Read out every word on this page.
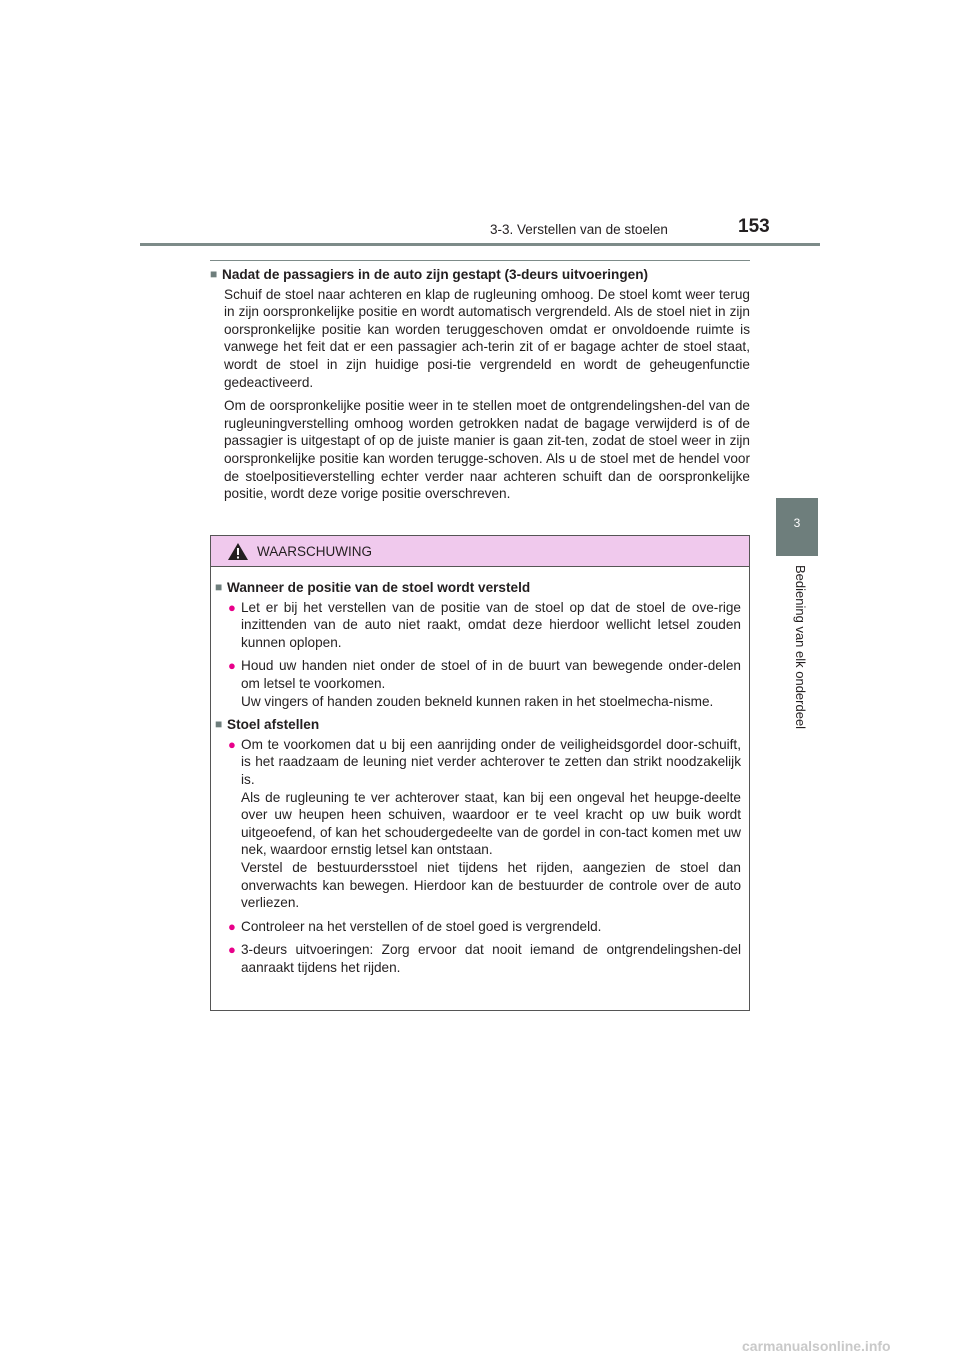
3-3. Verstellen van de stoelen	153
3
Bediening van elk onderdeel
■ Nadat de passagiers in de auto zijn gestapt (3-deurs uitvoeringen)
Schuif de stoel naar achteren en klap de rugleuning omhoog. De stoel komt weer terug in zijn oorspronkelijke positie en wordt automatisch vergrendeld. Als de stoel niet in zijn oorspronkelijke positie kan worden teruggeschoven omdat er onvoldoende ruimte is vanwege het feit dat er een passagier ach-terin zit of er bagage achter de stoel staat, wordt de stoel in zijn huidige posi-tie vergrendeld en wordt de geheugenfunctie gedeactiveerd.
Om de oorspronkelijke positie weer in te stellen moet de ontgrendelingshen-del van de rugleuningverstelling omhoog worden getrokken nadat de bagage verwijderd is of de passagier is uitgestapt of op de juiste manier is gaan zit-ten, zodat de stoel weer in zijn oorspronkelijke positie kan worden terugge-schoven. Als u de stoel met de hendel voor de stoelpositieverstelling echter verder naar achteren schuift dan de oorspronkelijke positie, wordt deze vorige positie overschreven.
WAARSCHUWING
■ Wanneer de positie van de stoel wordt versteld
● Let er bij het verstellen van de positie van de stoel op dat de stoel de ove-rige inzittenden van de auto niet raakt, omdat deze hierdoor wellicht letsel zouden kunnen oplopen.
● Houd uw handen niet onder de stoel of in de buurt van bewegende onder-delen om letsel te voorkomen.
Uw vingers of handen zouden bekneld kunnen raken in het stoelmecha-nisme.
■ Stoel afstellen
● Om te voorkomen dat u bij een aanrijding onder de veiligheidsgordel door-schuift, is het raadzaam de leuning niet verder achterover te zetten dan strikt noodzakelijk is.
Als de rugleuning te ver achterover staat, kan bij een ongeval het heupge-deelte over uw heupen heen schuiven, waardoor er te veel kracht op uw buik wordt uitgeoefend, of kan het schoudergedeelte van de gordel in con-tact komen met uw nek, waardoor ernstig letsel kan ontstaan.
Verstel de bestuurdersstoel niet tijdens het rijden, aangezien de stoel dan onverwachts kan bewegen. Hierdoor kan de bestuurder de controle over de auto verliezen.
● Controleer na het verstellen of de stoel goed is vergrendeld.
● 3-deurs uitvoeringen: Zorg ervoor dat nooit iemand de ontgrendelingshen-del aanraakt tijdens het rijden.
carmanualsonline.info
